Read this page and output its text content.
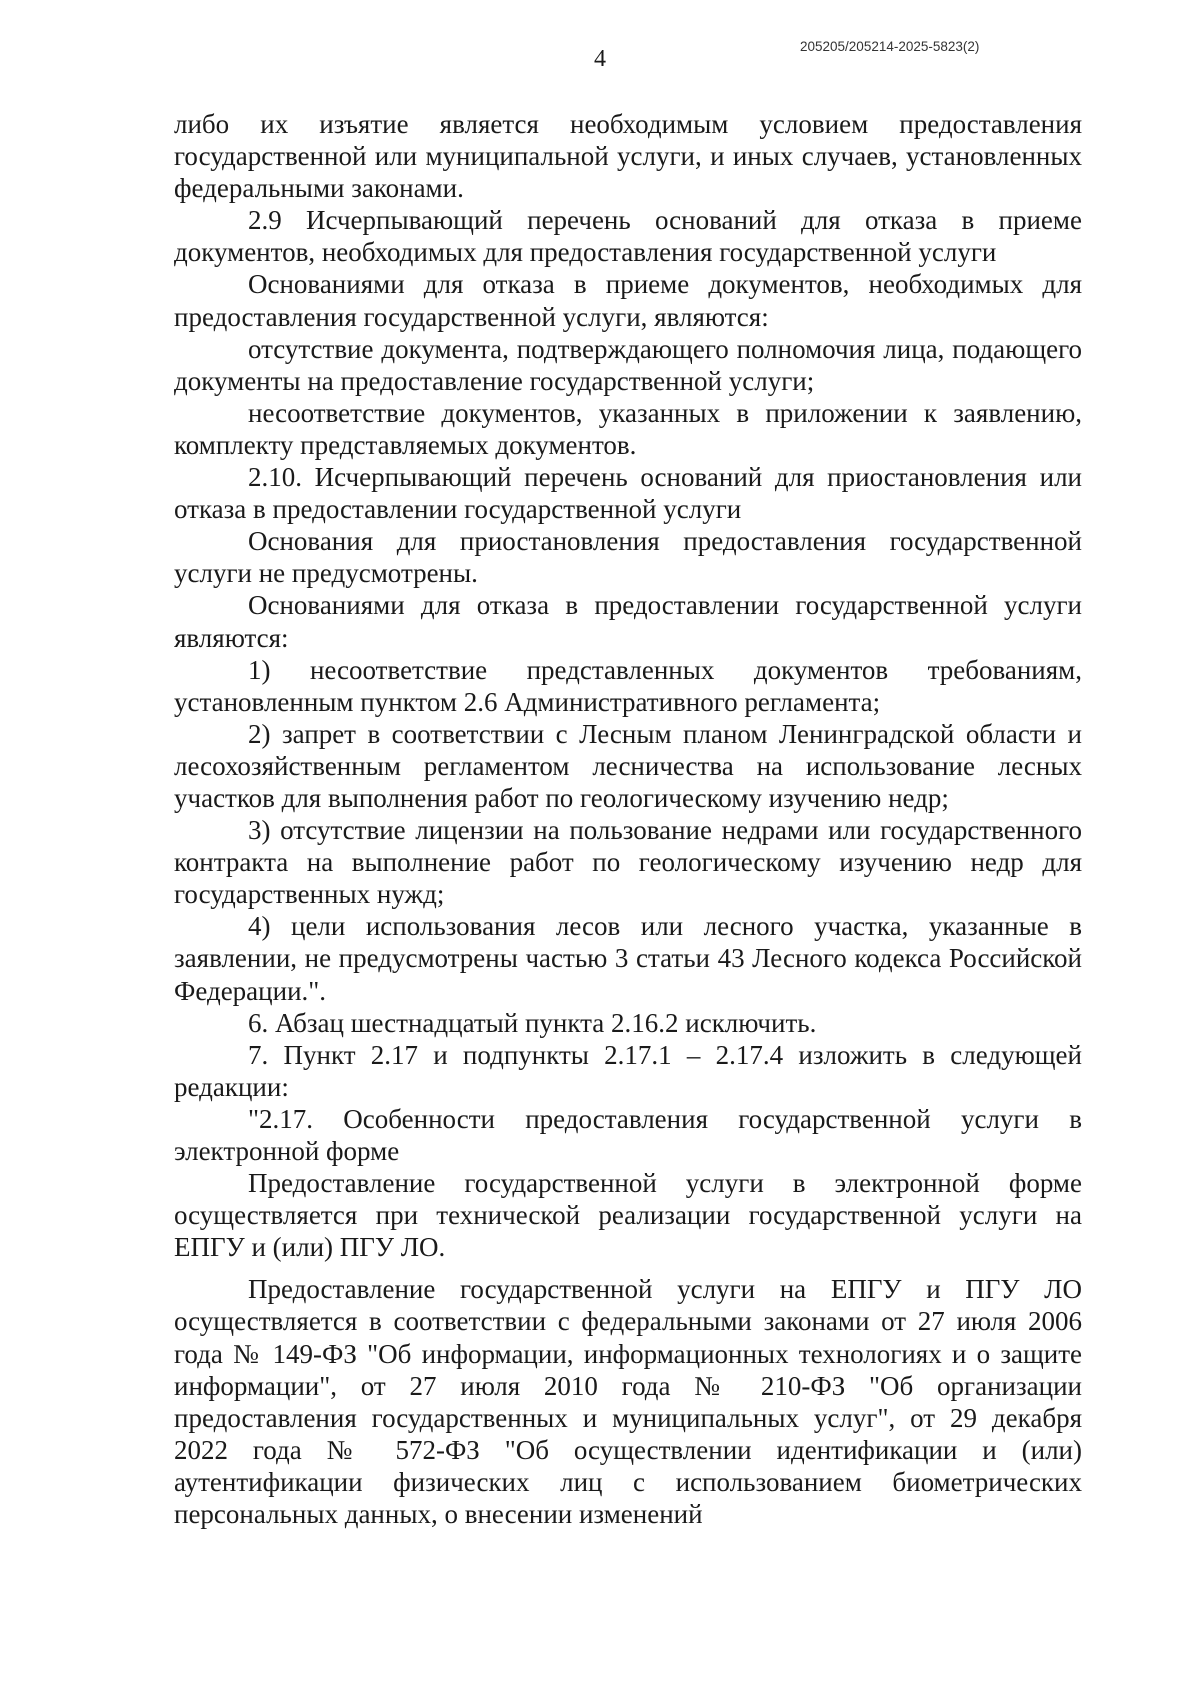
4	205205/205214-2025-5823(2)

либо их изъятие является необходимым условием предоставления государственной или муниципальной услуги, и иных случаев, установленных федеральными законами.

2.9 Исчерпывающий перечень оснований для отказа в приеме документов, необходимых для предоставления государственной услуги

Основаниями для отказа в приеме документов, необходимых для предоставления государственной услуги, являются:

отсутствие документа, подтверждающего полномочия лица, подающего документы на предоставление государственной услуги;

несоответствие документов, указанных в приложении к заявлению, комплекту представляемых документов.

2.10. Исчерпывающий перечень оснований для приостановления или отказа в предоставлении государственной услуги

Основания для приостановления предоставления государственной услуги не предусмотрены.

Основаниями для отказа в предоставлении государственной услуги являются:

1) несоответствие представленных документов требованиям, установленным пунктом 2.6 Административного регламента;

2) запрет в соответствии с Лесным планом Ленинградской области и лесохозяйственным регламентом лесничества на использование лесных участков для выполнения работ по геологическому изучению недр;

3) отсутствие лицензии на пользование недрами или государственного контракта на выполнение работ по геологическому изучению недр для государственных нужд;

4) цели использования лесов или лесного участка, указанные в заявлении, не предусмотрены частью 3 статьи 43 Лесного кодекса Российской Федерации.".

6. Абзац шестнадцатый пункта 2.16.2 исключить.

7. Пункт 2.17 и подпункты 2.17.1 – 2.17.4 изложить в следующей редакции:

"2.17. Особенности предоставления государственной услуги в электронной форме

Предоставление государственной услуги в электронной форме осуществляется при технической реализации государственной услуги на ЕПГУ и (или) ПГУ ЛО.

Предоставление государственной услуги на ЕПГУ и ПГУ ЛО осуществляется в соответствии с федеральными законами от 27 июля 2006 года № 149-ФЗ "Об информации, информационных технологиях и о защите информации", от 27 июля 2010 года № 210-ФЗ "Об организации предоставления государственных и муниципальных услуг", от 29 декабря 2022 года № 572-ФЗ "Об осуществлении идентификации и (или) аутентификации физических лиц с использованием биометрических персональных данных, о внесении изменений
